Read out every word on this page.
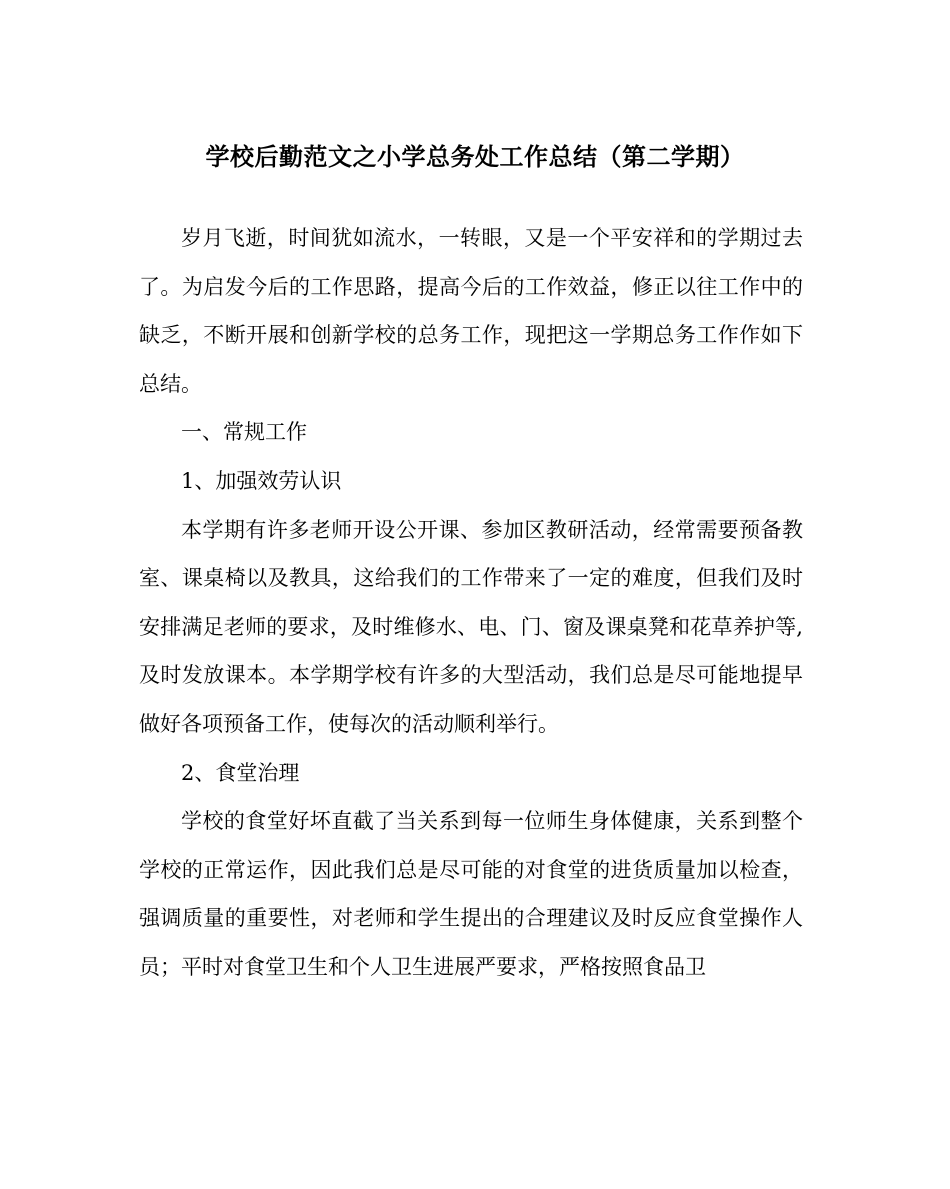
学校后勤范文之小学总务处工作总结（第二学期）

岁月飞逝，时间犹如流水，一转眼，又是一个平安祥和的学期过去了。为启发今后的工作思路，提高今后的工作效益，修正以往工作中的缺乏，不断开展和创新学校的总务工作，现把这一学期总务工作作如下总结。

一、常规工作

1、加强效劳认识

本学期有许多老师开设公开课、参加区教研活动，经常需要预备教室、课桌椅以及教具，这给我们的工作带来了一定的难度，但我们及时安排满足老师的要求，及时维修水、电、门、窗及课桌凳和花草养护等,及时发放课本。本学期学校有许多的大型活动，我们总是尽可能地提早做好各项预备工作，使每次的活动顺利举行。

2、食堂治理

学校的食堂好坏直截了当关系到每一位师生身体健康，关系到整个学校的正常运作，因此我们总是尽可能的对食堂的进货质量加以检查，强调质量的重要性，对老师和学生提出的合理建议及时反应食堂操作人员；平时对食堂卫生和个人卫生进展严要求，严格按照食品卫
